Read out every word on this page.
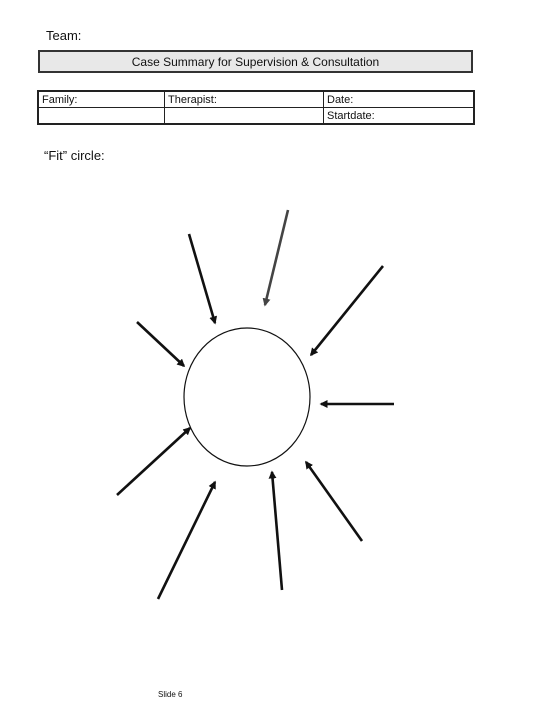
Team:
Case Summary for Supervision & Consultation
Family:	Therapist:	Date:
		Startdate:
“Fit” circle:
Slide 6
